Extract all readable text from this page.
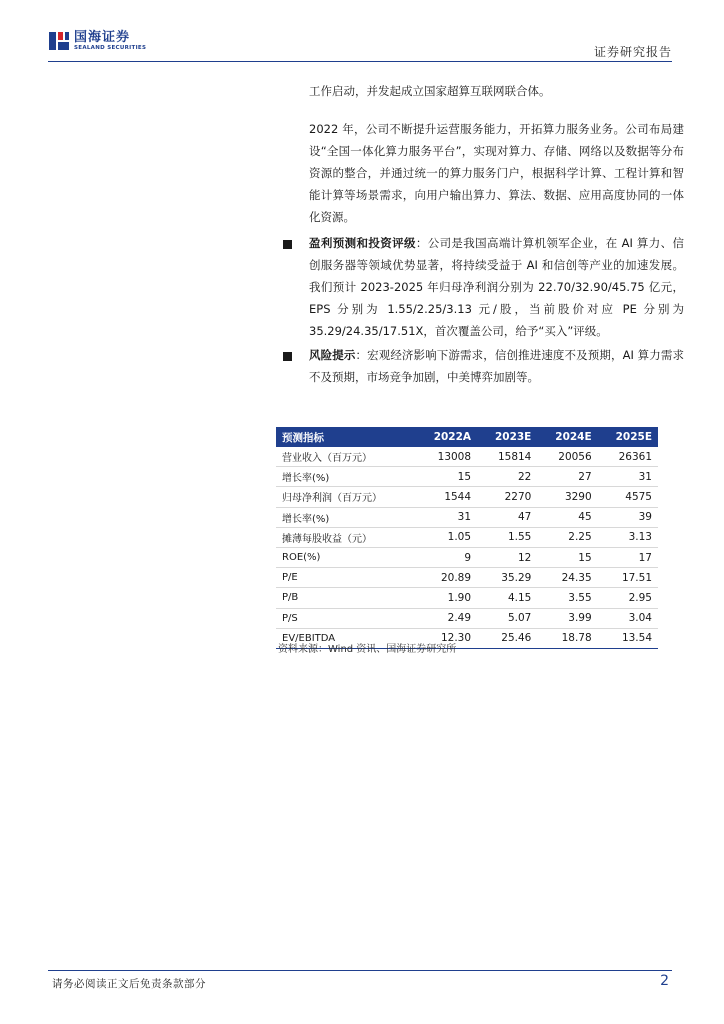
国海证券
SEALAND SECURITIES	证券研究报告
工作启动，并发起成立国家超算互联网联合体。
2022 年，公司不断提升运营服务能力，开拓算力服务业务。公司布局建设“全国一体化算力服务平台”，实现对算力、存储、网络以及数据等分布资源的整合，并通过统一的算力服务门户，根据科学计算、工程计算和智能计算等场景需求，向用户输出算力、算法、数据、应用高度协同的一体化资源。
盈利预测和投资评级：公司是我国高端计算机领军企业，在 AI 算力、信创服务器等领域优势显著，将持续受益于 AI 和信创等产业的加速发展。我们预计 2023-2025 年归母净利润分别为 22.70/32.90/45.75 亿元，EPS 分别为 1.55/2.25/3.13 元/股，当前股价对应 PE 分别为 35.29/24.35/17.51X，首次覆盖公司，给予“买入”评级。
风险提示：宏观经济影响下游需求，信创推进速度不及预期，AI 算力需求不及预期，市场竞争加剧，中美博弈加剧等。
预测指标	2022A	2023E	2024E	2025E
营业收入（百万元）	13008	15814	20056	26361
增长率(%)	15	22	27	31
归母净利润（百万元）	1544	2270	3290	4575
增长率(%)	31	47	45	39
摊薄每股收益（元）	1.05	1.55	2.25	3.13
ROE(%)	9	12	15	17
P/E	20.89	35.29	24.35	17.51
P/B	1.90	4.15	3.55	2.95
P/S	2.49	5.07	3.99	3.04
EV/EBITDA	12.30	25.46	18.78	13.54
资料来源：Wind 资讯、国海证券研究所
请务必阅读正文后免责条款部分	2
